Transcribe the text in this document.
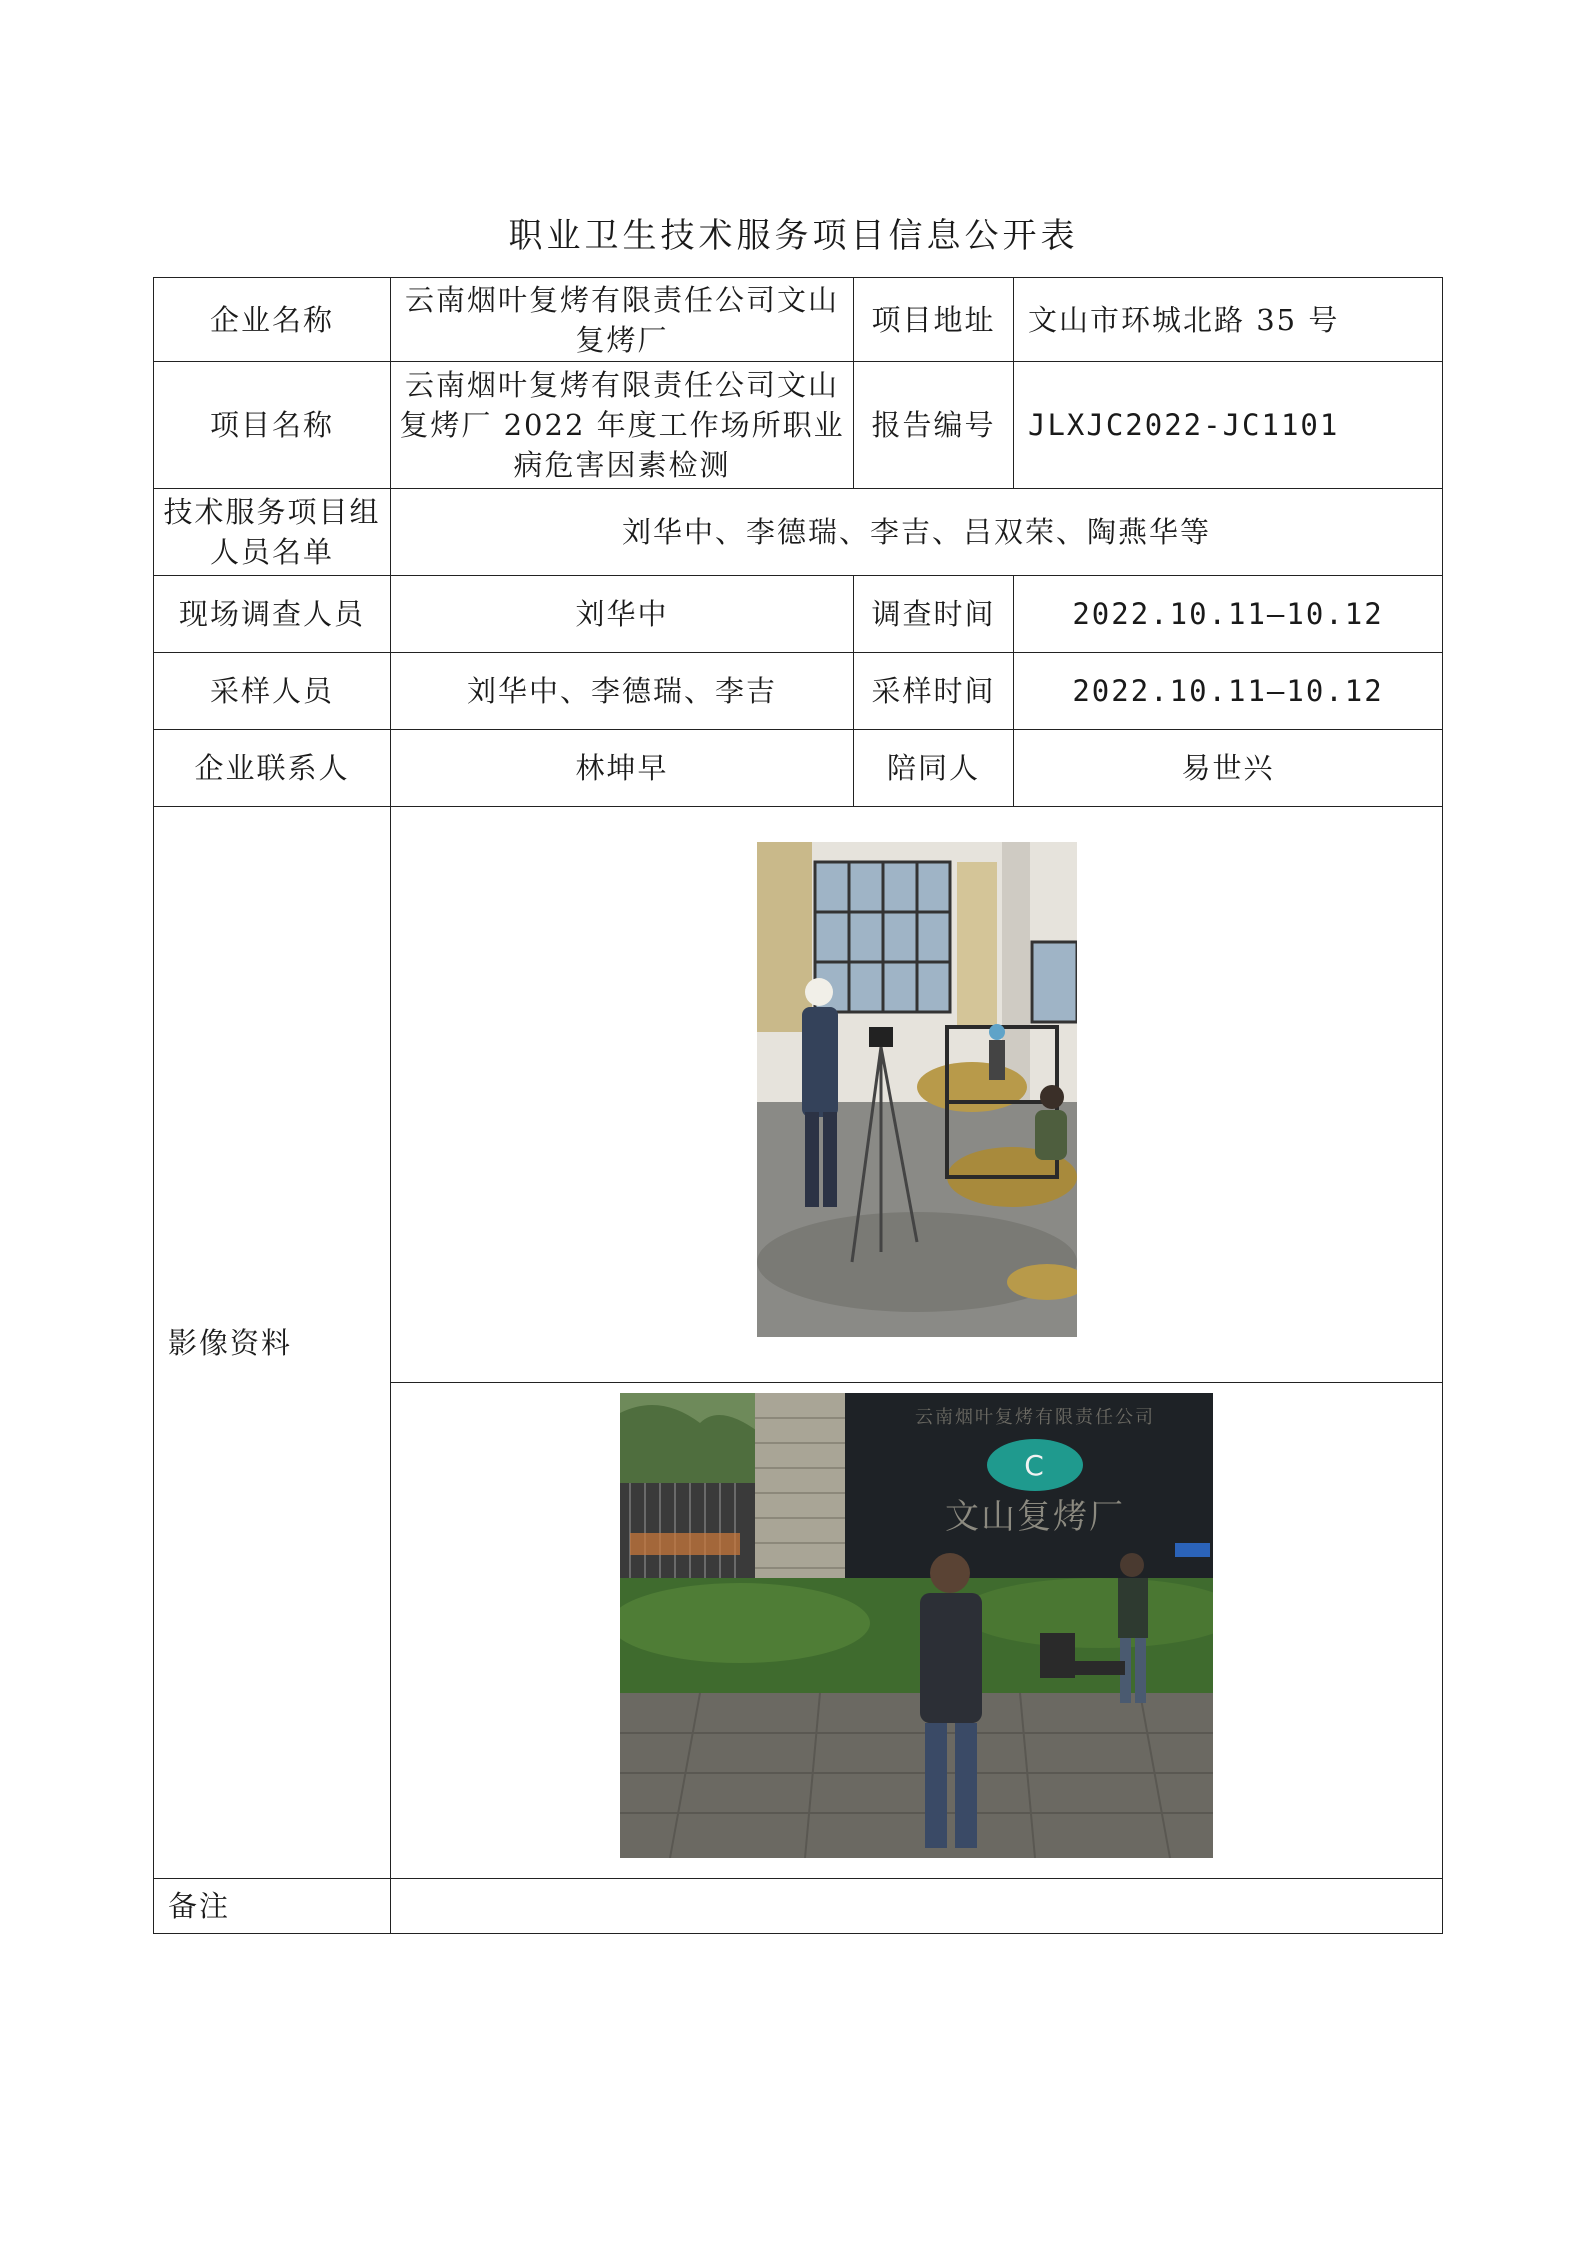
职业卫生技术服务项目信息公开表
企业名称	云南烟叶复烤有限责任公司文山复烤厂	项目地址	文山市环城北路 35 号
项目名称	云南烟叶复烤有限责任公司文山复烤厂 2022 年度工作场所职业病危害因素检测	报告编号	JLXJC2022-JC1101
技术服务项目组人员名单	刘华中、李德瑞、李吉、吕双荣、陶燕华等		
现场调查人员	刘华中	调查时间	2022.10.11—10.12
采样人员	刘华中、李德瑞、李吉	采样时间	2022.10.11—10.12
企业联系人	林坤早	陪同人	易世兴
影像资料	

C
文山复烤厂
云南烟叶复烤有限责任公司		

备注			
